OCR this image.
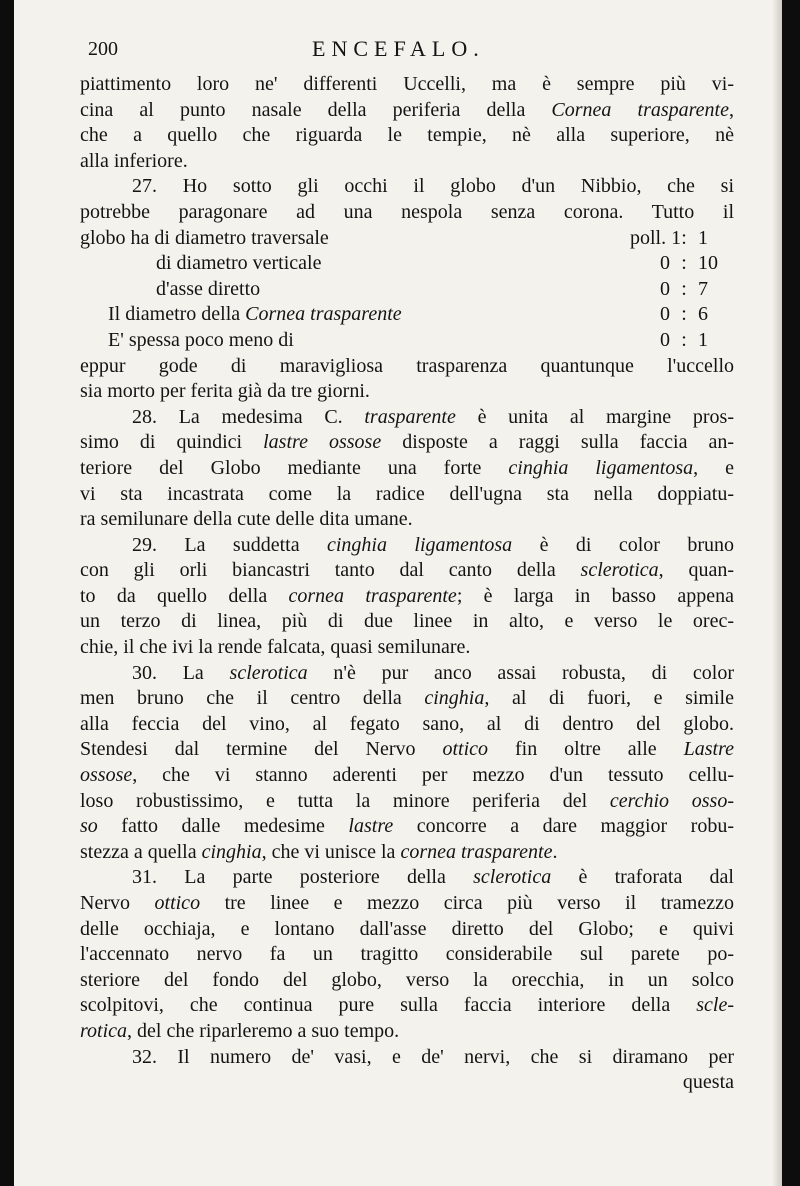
200	ENCEFALO.
piattimento loro ne' differenti Uccelli, ma è sempre più vi-
cina al punto nasale della periferia della Cornea trasparente,
che a quello che riguarda le tempie, nè alla superiore, nè
alla inferiore.
27. Ho sotto gli occhi il globo d'un Nibbio, che si
potrebbe paragonare ad una nespola senza corona. Tutto il
globo ha di diametro traversale	poll. 1 : 1
di diametro verticale	0 : 10
d'asse diretto	0 : 7
Il diametro della Cornea trasparente	0 : 6
E' spessa poco meno di	0 : 1
eppur gode di maravigliosa trasparenza quantunque l'uccello
sia morto per ferita già da tre giorni.
28. La medesima C. trasparente è unita al margine pros-
simo di quindici lastre ossose disposte a raggi sulla faccia an-
teriore del Globo mediante una forte cinghia ligamentosa, e
vi sta incastrata come la radice dell'ugna sta nella doppiatu-
ra semilunare della cute delle dita umane.
29. La suddetta cinghia ligamentosa è di color bruno
con gli orli biancastri tanto dal canto della sclerotica, quan-
to da quello della cornea trasparente; è larga in basso appena
un terzo di linea, più di due linee in alto, e verso le orec-
chie, il che ivi la rende falcata, quasi semilunare.
30. La sclerotica n'è pur anco assai robusta, di color
men bruno che il centro della cinghia, al di fuori, e simile
alla feccia del vino, al fegato sano, al di dentro del globo.
Stendesi dal termine del Nervo ottico fin oltre alle Lastre
ossose, che vi stanno aderenti per mezzo d'un tessuto cellu-
loso robustissimo, e tutta la minore periferia del cerchio osso-
so fatto dalle medesime lastre concorre a dare maggior robu-
stezza a quella cinghia, che vi unisce la cornea trasparente.
31. La parte posteriore della sclerotica è traforata dal
Nervo ottico tre linee e mezzo circa più verso il tramezzo
delle occhiaja, e lontano dall'asse diretto del Globo; e quivi
l'accennato nervo fa un tragitto considerabile sul parete po-
steriore del fondo del globo, verso la orecchia, in un solco
scolpitovi, che continua pure sulla faccia interiore della scle-
rotica, del che riparleremo a suo tempo.
32. Il numero de' vasi, e de' nervi, che si diramano per
questa
